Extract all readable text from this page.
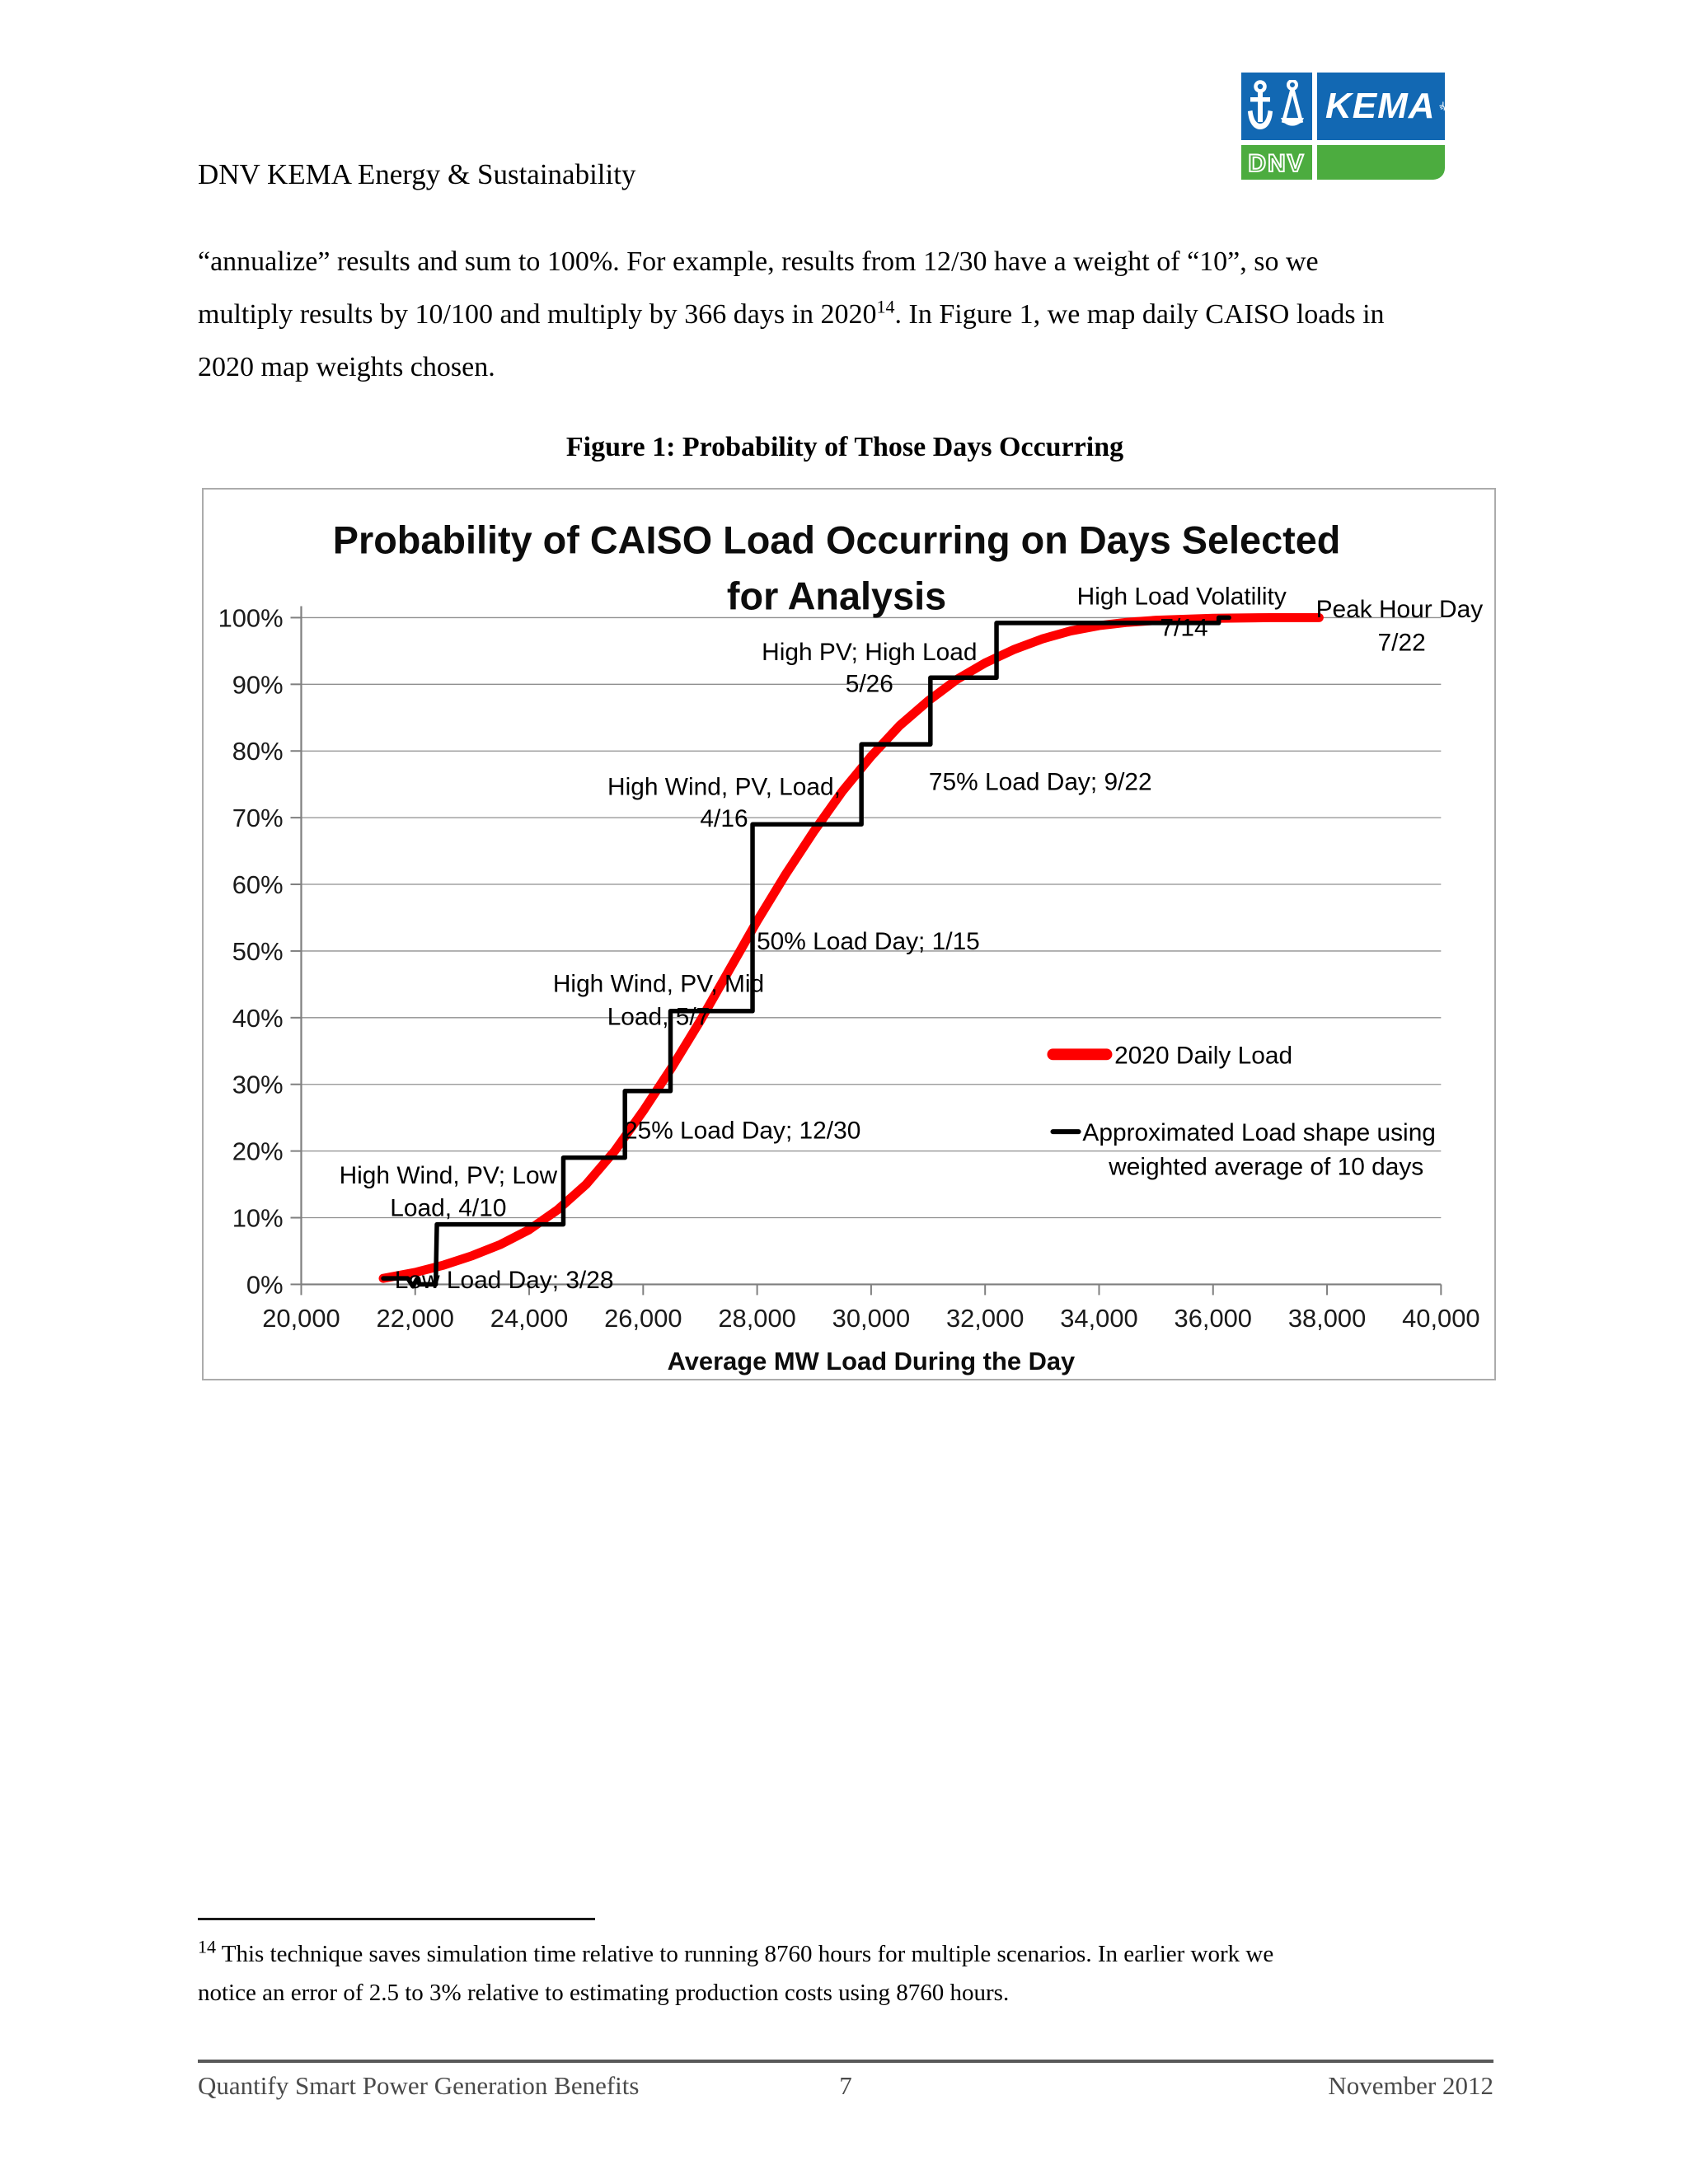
KEMA
DNV
DNV KEMA Energy & Sustainability
“annualize” results and sum to 100%. For example, results from 12/30 have a weight of “10”, so we
multiply results by 10/100 and multiply by 366 days in 2020$^{14}$. In Figure 1, we map daily CAISO loads in
2020 map weights chosen.
Figure 1: Probability of Those Days Occurring
0%
10%
20%
30%
40%
50%
60%
70%
80%
90%
100%
20,000 22,000 24,000 26,000 28,000 30,000 32,000 34,000 36,000 38,000 40,000
Probability of CAISO Load Occurring on Days Selected
for Analysis
Average MW Load During the Day
High Load Volatility
7/14
Peak Hour Day
7/22
High PV; High Load
5/26
High Wind, PV, Load,
4/16
75% Load Day; 9/22
50% Load Day; 1/15
High Wind, PV, Mid
Load, 5/7
25% Load Day; 12/30
High Wind, PV; Low
Load, 4/10
Low Load Day; 3/28
2020 Daily Load
Approximated Load shape using
weighted average of 10 days
$^{14}$ This technique saves simulation time relative to running 8760 hours for multiple scenarios. In earlier work we
notice an error of 2.5 to 3% relative to estimating production costs using 8760 hours.
Quantify Smart Power Generation Benefits	7	November 2012
